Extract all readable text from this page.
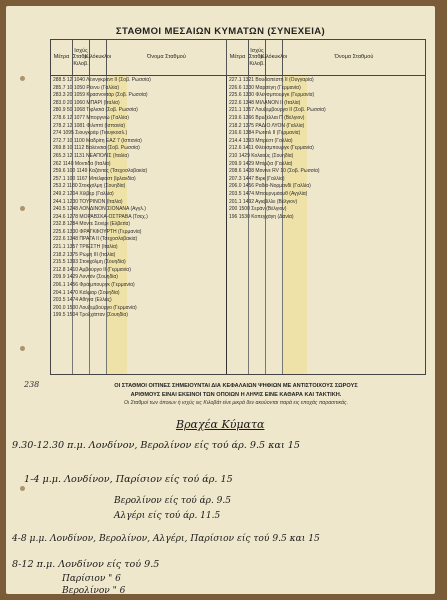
ΣΤΑΘΜΟΙ ΜΕΣΑΙΩΝ ΚΥΜΑΤΩΝ (ΣΥΝΕΧΕΙΑ)
Μέτρα
Ισχύς Σταθμ. Κιλοβ.
Κιλόκυκλοι	Όνομα Σταθμού	Μέτρα
Ισχύς Σταθμ. Κιλοβ.
Κιλόκυκλοι	Όνομα Σταθμού
288.5 12 1040 Λένινγκραντ ΙΙ (Σοβ. Ρωσσία)
285.7 10 1050 Ρέννυ (Γαλλία)
283.3 20 1059 Κρασνοντάρ (Σοβ. Ρωσσία)
283.0 20 1060 ΜΠΑΡΙ (Ιταλία)
280.9 50 1068 Τιφλισιά (Σοβ. Ρωσσία)
278.6 12 1077 Μποργνιώ (Γαλλία)
278.2 12 1081 Φιλιππί (Ισπανία)
274 1095 Σιουγκράρ (Γιουγκοσλ.)
272.7 10 1100 Μαδρίτη ΕΑΖ 7 (Ισπανία)
269.8 10 1112 Βαλένσια (Σοβ. Ρωσσία)
265.3 12 1131 ΝΕΑΠΟΛΙΣ (Ιταλία)
262 1140 Μοντιδα (Ιταλία)
259.6 100 1149 Καζάντες (Τσεχοσλοβακία)
257.1 100 1167 Μπέλφαστ (Ιρλανδία)
253.2 1180 Στοκχόλμη (Σουηδία)
249.2 1204 Χίλβερ (Γαλλία)
244.1 1230 ΤΟΥΡΙΝΟΝ (Ιταλία)
240.5 1248 ΛΟΝΔΙΝΟΝ ΣΙΟΝΑΝΑ (Αγγλ.)
234.6 1278 ΜΟΡΑΒΣΚΑ-ΟΣΤΡΑΒΑ (Τσεχ.)
232.8 1284 Μόντε Σενέρι (Ελβετία)
225.6 1330 ΦΡΑΓΚΦΟΥΡΤΗ (Γερμανία)
222.6 1348 ΠΡΑΓΑ ΙΙ (Τσεχοσλοβακία)
221.1 1357 ΤΡΙΕΣΤΗ (Ιταλία)
218.2 1375 Ρώμη ΙΙΙ (Ιταλία)
215.5 1393 Στοκχόλμη (Σουηδία)
212.8 1410 Αμβούργο ΙΙ (Γερμανία)
209.9 1429 Λοντόν (Σουηδία)
206.1 1456 Φράιμπουργκ (Γερμανία)
204.1 1470 Κάλμαρ (Σουηδία)
203.5 1474 Αθήνα (Ελλάς)
200.0 1500 Λουξεμβούργο (Γερμανία)
199.5 1504 Τρολχάτταν (Σουηδία)
227.1 1321 Βουδαπέστη ΙΙ (Ουγγαρία)
226.6 1330 Μαρσέγη (Γερμανία)
225.6 1330 Φλένσμπουργκ (Γερμανία)
222.6 1348 ΜΙΛΑΝΟΝ ΙΙ (Ιταλία)
221.1 1357 Λουξεμβούργο ΙΙ (Σοβ. Ρωσσία)
219.6 1366 Βρυξέλλαι Π (Βέλγιον)
218.2 1375 ΡΑΔΙΟ ΛΥΟΝ (Γαλλία)
216.6 1384 Ρωτσιλ ΙΙ (Γερμανία)
214.4 1393 Μπρέστ (Γαλλία)
212.6 1411 Φλένσμπουργκ (Γερμανία)
210 1429 Κολαούς (Σουηδία)
209.9 1429 Μπίρζια (Γαλλία)
208.6 1438 Μονίνε RV 10 (Σοβ. Ρωσσία)
207.3 1447 Βιρκ (Γαλλία)
206.0 1456 Ραδιό-Νορμανδί (Γαλλία)
203.5 1474 Μπουρνμάουθ (Αγγλία)
201.1 1492 Αγιεβίλλε (Βέλγιον)
200 1500 Σεράν (Βέλγιον)
196 1530 Κοπεγχάγη (Δανία)
238	ΟΙ ΣΤΑΘΜΟΙ ΟΙΤΙΝΕΣ ΣΗΜΕΙΟΥΝΤΑΙ ΔΙΑ ΚΕΦΑΛΑΙΩΝ ΨΗΦΙΩΝ ΜΕ ΑΝΤΙΣΤΟΙΧΟΥΣ ΣΩΡΟΥΣ
ΑΡΙΘΜΟΥΣ ΕΙΝΑΙ ΕΚΕΙΝΟΙ ΤΩΝ ΟΠΟΙΩΝ Η ΛΗΨΙΣ ΕΙΝΕ ΚΑΘΑΡΑ ΚΑΙ ΤΑΚΤΙΚΗ.
Οι Σταθμοί των όποιων ή ισχύς εις Κιλοβάτ είνε μικρά δεν ακούονται παρά εις εποχάς παρασιτικάς.
Βραχέα Κύματα
9.30-12.30 π.μ. Λονδίνον, Βερολίνον είς τού άρ. 9.5 και 15
1-4 μ.μ. Λονδίνον, Παρίσιον είς τού άρ. 15
Βερολίνον είς τού άρ. 9.5
Αλγέρι είς τού άρ. 11.5
4-8 μ.μ. Λονδίνον, Βερολίνον, Αλγέρι, Παρίσιον είς τού 9.5 και 15
8-12 π.μ. Λονδίνον είς τού 9.5
Παρίσιον " 6
Βερολίνον " 6
